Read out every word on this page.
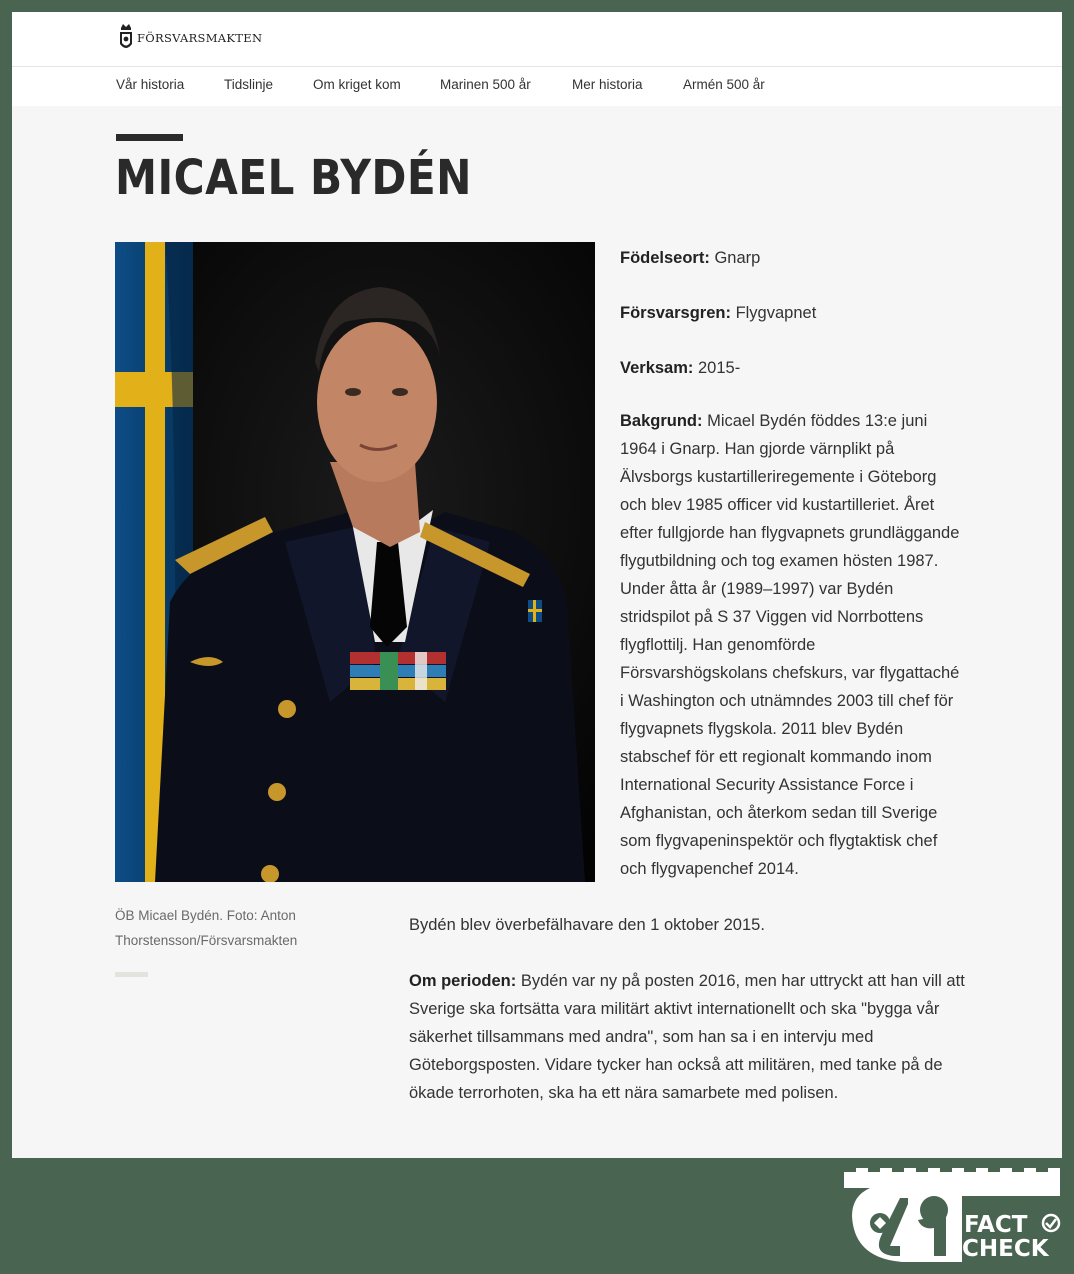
FÖRSVARSMAKTEN
Vår historia	Tidslinje	Om kriget kom	Marinen 500 år	Mer historia	Armén 500 år
MICAEL BYDÉN
ÖB Micael Bydén. Foto: Anton Thorstensson/Försvarsmakten
Födelseort: Gnarp
Försvarsgren: Flygvapnet
Verksam: 2015-
Bakgrund: Micael Bydén föddes 13:e juni 1964 i Gnarp. Han gjorde värnplikt på Älvsborgs kustartilleriregemente i Göteborg och blev 1985 officer vid kustartilleriet. Året efter fullgjorde han flygvapnets grundläggande flygutbildning och tog examen hösten 1987. Under åtta år (1989–1997) var Bydén stridspilot på S 37 Viggen vid Norrbottens flygflottilj. Han genomförde Försvarshögskolans chefskurs, var flygattaché i Washington och utnämndes 2003 till chef för flygvapnets flygskola. 2011 blev Bydén stabschef för ett regionalt kommando inom International Security Assistance Force i Afghanistan, och återkom sedan till Sverige som flygvapeninspektör och flygtaktisk chef och flygvapenchef 2014.
Bydén blev överbefälhavare den 1 oktober 2015.
Om perioden: Bydén var ny på posten 2016, men har uttryckt att han vill att Sverige ska fortsätta vara militärt aktivt internationellt och ska "bygga vår säkerhet tillsammans med andra", som han sa i en intervju med Göteborgsposten. Vidare tycker han också att militären, med tanke på de ökade terrorhoten, ska ha ett nära samarbete med polisen.
FACT
CHECK
